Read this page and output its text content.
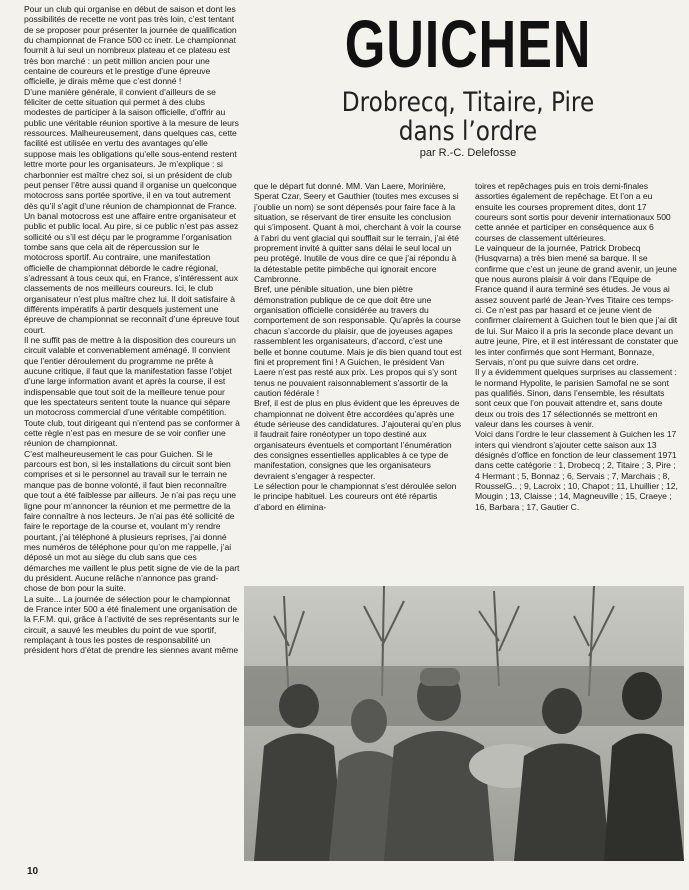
GUICHEN
Drobrecq, Titaire, Pire
dans l’ordre
par R.-C. Delefosse

Pour un club qui organise en début de saison et dont les possibilités de recette ne vont pas très loin, c’est tentant de se proposer pour présenter la journée de qualification du championnat de France 500 cc inetr. Le championnat fournit à lui seul un nombreux plateau et ce plateau est très bon marché : un petit million ancien pour une centaine de coureurs et le prestige d’une épreuve officielle, je dirais même que c’est donné !

D’une manière générale, il convient d’ailleurs de se féliciter de cette situation qui permet à des clubs modestes de participer à la saison officielle, d’offrir au public une véritable réunion sportive à la mesure de leurs ressources. Malheureusement, dans quelques cas, cette facilité est utilisée en vertu des avantages qu’elle suppose mais les obligations qu’elle sous-entend restent lettre morte pour les organisateurs. Je m’explique : si charbonnier est maître chez soi, si un président de club peut penser l’être aussi quand il organise un quelconque motocross sans portée sportive, il en va tout autrement dès qu’il s’agit d’une réunion de championnat de France. Un banal motocross est une affaire entre organisateur et public et public local. Au pire, si ce public n’est pas assez sollicité ou s’il est déçu par le programme l’organisation tombe sans que cela ait de répercussion sur le motocross sportif. Au contraire, une manifestation officielle de championnat déborde le cadre régional, s’adressant à tous ceux qui, en France, s’intéressent aux classements de nos meilleurs coureurs. Ici, le club organisateur n’est plus maître chez lui. Il doit satisfaire à différents impératifs à partir desquels justement une épreuve de championnat se reconnaît d’une épreuve tout court.

Il ne suffit pas de mettre à la disposition des coureurs un circuit valable et convenablement aménagé. Il convient que l’entier déroulement du programme ne prête à aucune critique, il faut que la manifestation fasse l’objet d’une large information avant et après la course, il est indispensable que tout soit de la meilleure tenue pour que les spectateurs sentent toute la nuance qui sépare un motocross commercial d’une véritable compétition. Toute club, tout dirigeant qui n’entend pas se conformer à cette règle n’est pas en mesure de se voir confier une réunion de championnat.

C’est malheureusement le cas pour Guichen. Si le parcours est bon, si les installations du circuit sont bien comprises et si le personnel au travail sur le terrain ne manque pas de bonne volonté, il faut bien reconnaître que tout a été faiblesse par ailleurs. Je n’ai pas reçu une ligne pour m’annoncer la réunion et me permettre de la faire connaître à nos lecteurs. Je n’ai pas été sollicité de faire le reportage de la course et, voulant m’y rendre pourtant, j’ai téléphoné à plusieurs reprises, j’ai donné mes numéros de téléphone pour qu’on me rappelle, j’ai déposé un mot au siège du club sans que ces démarches me vaillent le plus petit signe de vie de la part du président. Aucune relâche n’annonce pas grand-chose de bon pour la suite.

La suite... La journée de sélection pour le championnat de France inter 500 a été finalement une organisation de la F.F.M. qui, grâce à l’activité de ses représentants sur le circuit, a sauvé les meubles du point de vue sportif, remplaçant à tous les postes de responsabilité un président hors d’état de prendre les siennes avant même

que le départ fut donné. MM. Van Laere, Morinière, Sperat Czar, Seery et Gauthier (toutes mes excuses si j’oublie un nom) se sont dépensés pour faire face à la situation, se réservant de tirer ensuite les conclusion qui s’imposent. Quant à moi, cherchant à voir la course à l’abri du vent glacial qui soufflait sur le terrain, j’ai été proprement invité à quitter sans délai le seul local un peu protégé. Inutile de vous dire ce que j’ai répondu à la détestable petite pimbêche qui ignorait encore Cambronne.

Bref, une pénible situation, une bien piètre démonstration publique de ce que doit être une organisation officielle considérée au travers du comportement de son responsable. Qu’après la course chacun s’accorde du plaisir, que de joyeuses agapes rassemblent les organisateurs, d’accord, c’est une belle et bonne coutume. Mais je dis bien quand tout est fini et proprement fini ! A Guichen, le président Van Laere n’est pas resté aux prix. Les propos qui s’y sont tenus ne pouvaient raisonnablement s’assortir de la caution fédérale !

Bref, il est de plus en plus évident que les épreuves de championnat ne doivent être accordées qu’après une étude sérieuse des candidatures. J’ajouterai qu’en plus il faudrait faire ronéotyper un topo destiné aux organisateurs éventuels et comportant l’énumération des consignes essentielles applicables à ce type de manifestation, consignes que les organisateurs devraient s’engager à respecter.

Le sélection pour le championnat s’est déroulée selon le principe habituel. Les coureurs ont été répartis d’abord en élimina-

toires et repêchages puis en trois demi-finales assorties également de repêchage. Et l’on a eu ensuite les courses proprement dites, dont 17 coureurs sont sortis pour devenir internationaux 500 cette année et participer en conséquence aux 6 courses de classement ultérieures.

Le vainqueur de la journée, Patrick Drobecq (Husqvarna) a très bien mené sa barque. Il se confirme que c’est un jeune de grand avenir, un jeune que nous aurons plaisir à voir dans l’Equipe de France quand il aura terminé ses études. Je vous ai assez souvent parlé de Jean-Yves Titaire ces temps-ci. Ce n’est pas par hasard et ce jeune vient de confirmer clairement à Guichen tout le bien que j’ai dit de lui. Sur Maico il a pris la seconde place devant un autre jeune, Pire, et il est intéressant de constater que les inter confirmés que sont Hermant, Bonnaze, Servais, n’ont pu que suivre dans cet ordre.

Il y a évidemment quelques surprises au classement : le normand Hypolite, le parisien Samofal ne se sont pas qualifiés. Sinon, dans l’ensemble, les résultats sont ceux que l’on pouvait attendre et, sans doute deux ou trois des 17 sélectionnés se mettront en valeur dans les courses à venir.

Voici dans l’ordre le leur classement à Guichen les 17 inters qui viendront s’ajouter cette saison aux 13 désignés d’office en fonction de leur classement 1971 dans cette catégorie : 1, Drobecq ; 2, Titaire ; 3, Pire ; 4 Hermant ; 5, Bonnaz ; 6, Servais ; 7, Marchais ; 8, RousselG.. ; 9, Lacroix ; 10, Chapot ; 11, Lhuillier ; 12, Mougin ; 13, Claisse ; 14, Magneuville ; 15, Craeye ; 16, Barbara ; 17, Gautier C.

10
